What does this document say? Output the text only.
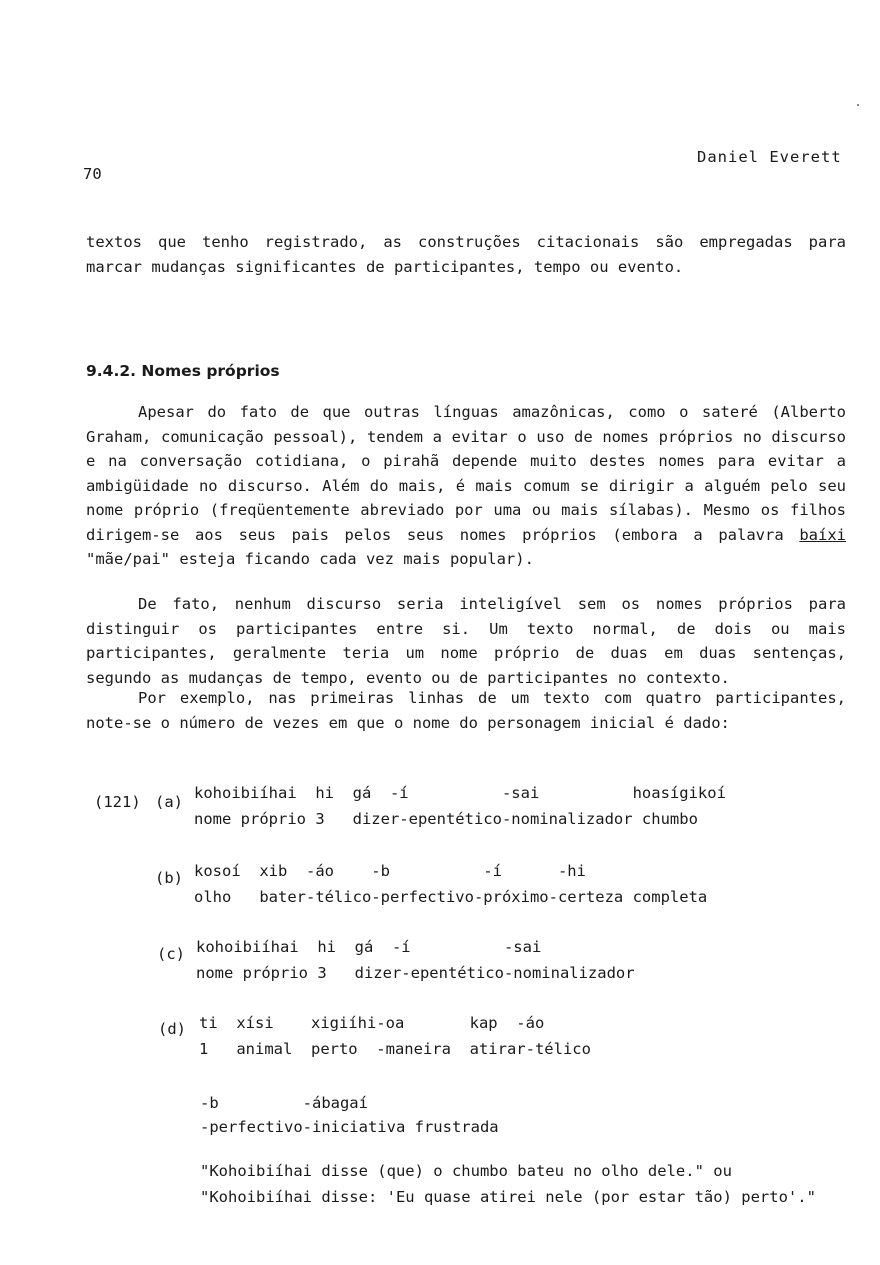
Daniel Everett
70
textos que tenho registrado, as construções citacionais são empregadas para marcar mudanças significantes de participantes, tempo ou evento.
9.4.2. Nomes próprios
Apesar do fato de que outras línguas amazônicas, como o sateré (Alberto Graham, comunicação pessoal), tendem a evitar o uso de nomes próprios no discurso e na conversação cotidiana, o pirahã depende muito destes nomes para evitar a ambigüidade no discurso. Além do mais, é mais comum se dirigir a alguém pelo seu nome próprio (freqüentemente abreviado por uma ou mais sílabas). Mesmo os filhos dirigem-se aos seus pais pelos seus nomes próprios (embora a palavra baíxi "mãe/pai" esteja ficando cada vez mais popular).
De fato, nenhum discurso seria inteligível sem os nomes próprios para distinguir os participantes entre si. Um texto normal, de dois ou mais participantes, geralmente teria um nome próprio de duas em duas sentenças, segundo as mudanças de tempo, evento ou de participantes no contexto.
Por exemplo, nas primeiras linhas de um texto com quatro participantes, note-se o número de vezes em que o nome do personagem inicial é dado:
(121) (a) kohoibiíhai  hi  gá  -í          -sai          hoasígikoí
nome próprio 3   dizer-epentético-nominalizador chumbo
(b) kosoí  xib  -áo    -b          -í      -hi
olho   bater-télico-perfectivo-próximo-certeza completa
(c) kohoibiíhai  hi  gá  -í          -sai
nome próprio 3   dizer-epentético-nominalizador
(d) ti  xísi    xigiíhi-oa       kap  -áo
1   animal  perto  -maneira  atirar-télico
-b         -ábagaí
-perfectivo-iniciativa frustrada
"Kohoibiíhai disse (que) o chumbo bateu no olho dele." ou
"Kohoibiíhai disse: 'Eu quase atirei nele (por estar tão) perto'."
